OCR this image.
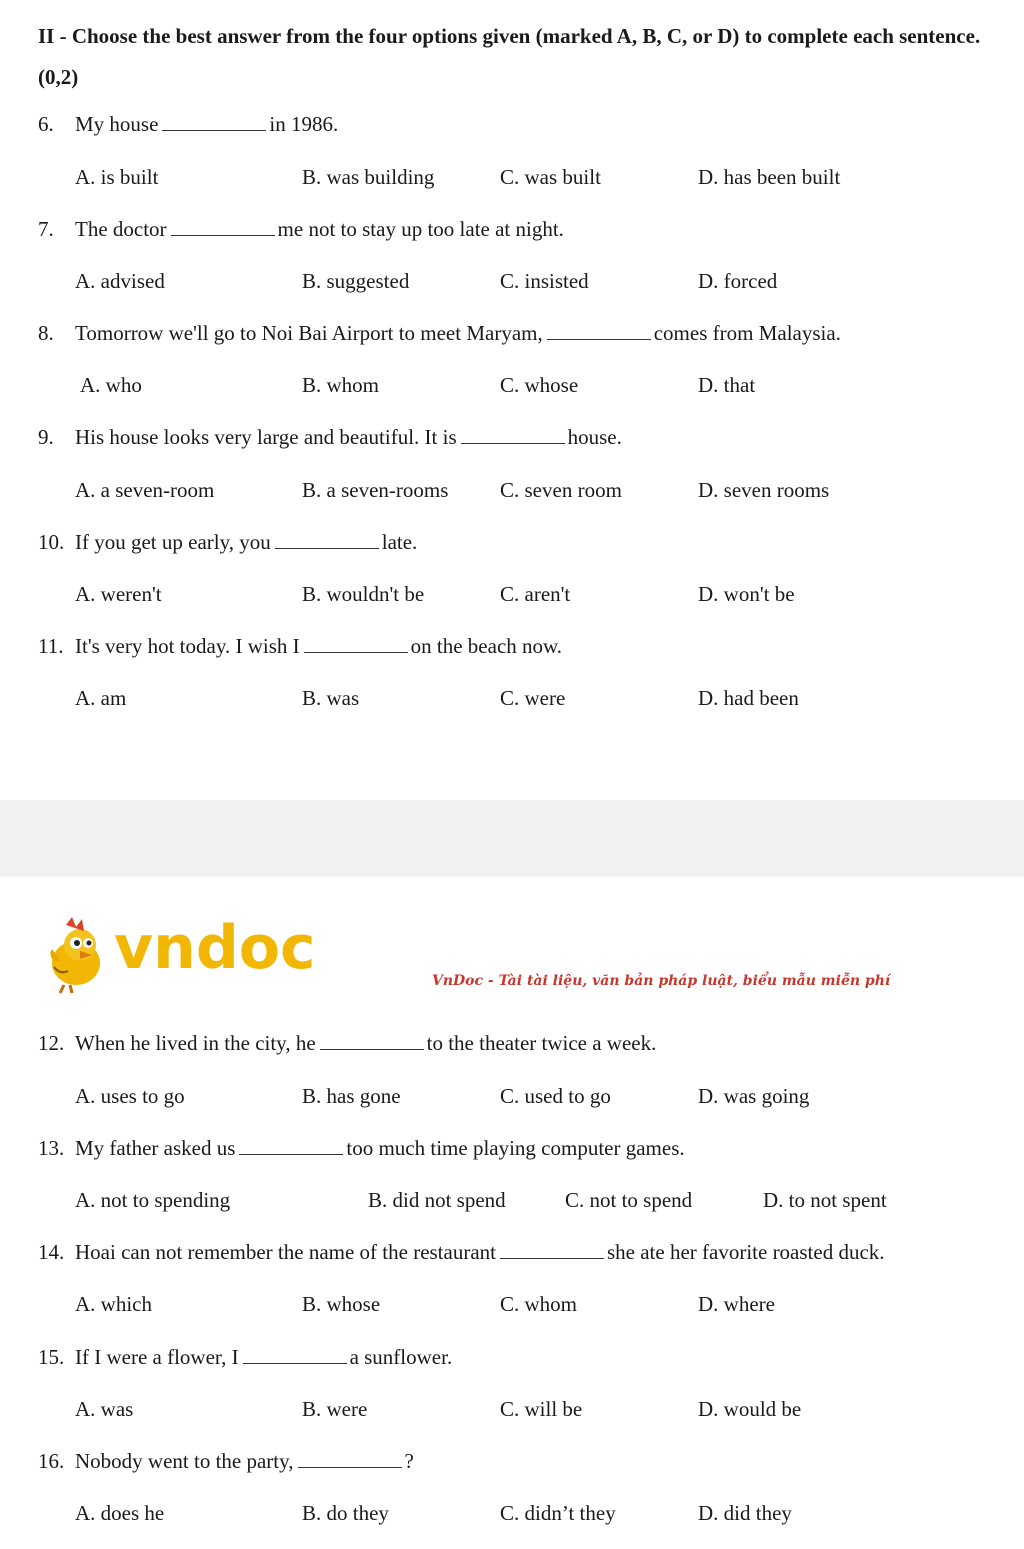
II - Choose the best answer from the four options given (marked A, B, C, or D) to complete each sentence. (0,2)
6. My house	in 1986.
A. is built	B. was building	C. was built	D. has been built
7. The doctor	me not to stay up too late at night.
A. advised	B. suggested	C. insisted	D. forced
8. Tomorrow we'll go to Noi Bai Airport to meet Maryam,	comes from Malaysia.
A. who	B. whom	C. whose	D. that
9. His house looks very large and beautiful. It is	house.
A. a seven-room	B. a seven-rooms C. seven room	D. seven rooms
10. If you get up early, you	late.
A. weren't	B. wouldn't be	C. aren't	D. won't be
11. It's very hot today. I wish I	on the beach now.
A. am	B. was	C. were	D. had been
vndoc	VnDoc - Tài tài liệu, văn bản pháp luật, biểu mẫu miễn phí
12. When he lived in the city, he	to the theater twice a week.
A. uses to go	B. has gone	C. used to go	D. was going
13. My father asked us	too much time playing computer games.
A. not to spending	B. did not spend	C. not to spend	D. to not spent
14. Hoai can not remember the name of the restaurant	she ate her favorite roasted duck.
A. which	B. whose	C. whom	D. where
15. If I were a flower, I	a sunflower.
A. was	B. were	C. will be	D. would be
16. Nobody went to the party,	?
A. does he	B. do they	C. didn’t they	D. did they
